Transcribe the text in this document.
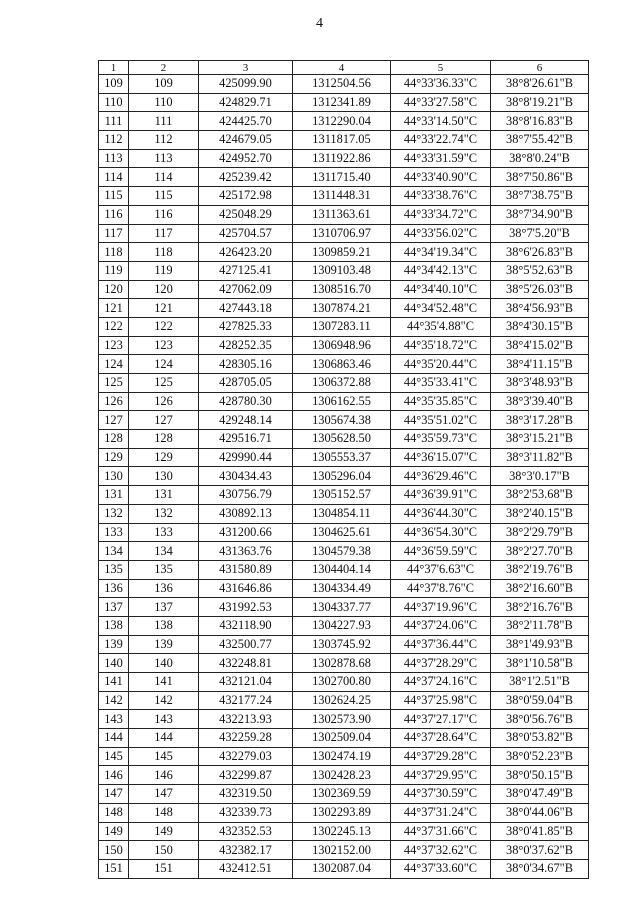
4
1	2	3	4	5	6
109	109	425099.90	1312504.56	44°33'36.33"С	38°8'26.61"В
110	110	424829.71	1312341.89	44°33'27.58"С	38°8'19.21"В
111	111	424425.70	1312290.04	44°33'14.50"С	38°8'16.83"В
112	112	424679.05	1311817.05	44°33'22.74"С	38°7'55.42"В
113	113	424952.70	1311922.86	44°33'31.59"С	38°8'0.24"В
114	114	425239.42	1311715.40	44°33'40.90"С	38°7'50.86"В
115	115	425172.98	1311448.31	44°33'38.76"С	38°7'38.75"В
116	116	425048.29	1311363.61	44°33'34.72"С	38°7'34.90"В
117	117	425704.57	1310706.97	44°33'56.02"С	38°7'5.20"В
118	118	426423.20	1309859.21	44°34'19.34"С	38°6'26.83"В
119	119	427125.41	1309103.48	44°34'42.13"С	38°5'52.63"В
120	120	427062.09	1308516.70	44°34'40.10"С	38°5'26.03"В
121	121	427443.18	1307874.21	44°34'52.48"С	38°4'56.93"В
122	122	427825.33	1307283.11	44°35'4.88"С	38°4'30.15"В
123	123	428252.35	1306948.96	44°35'18.72"С	38°4'15.02"В
124	124	428305.16	1306863.46	44°35'20.44"С	38°4'11.15"В
125	125	428705.05	1306372.88	44°35'33.41"С	38°3'48.93"В
126	126	428780.30	1306162.55	44°35'35.85"С	38°3'39.40"В
127	127	429248.14	1305674.38	44°35'51.02"С	38°3'17.28"В
128	128	429516.71	1305628.50	44°35'59.73"С	38°3'15.21"В
129	129	429990.44	1305553.37	44°36'15.07"С	38°3'11.82"В
130	130	430434.43	1305296.04	44°36'29.46"С	38°3'0.17"В
131	131	430756.79	1305152.57	44°36'39.91"С	38°2'53.68"В
132	132	430892.13	1304854.11	44°36'44.30"С	38°2'40.15"В
133	133	431200.66	1304625.61	44°36'54.30"С	38°2'29.79"В
134	134	431363.76	1304579.38	44°36'59.59"С	38°2'27.70"В
135	135	431580.89	1304404.14	44°37'6.63"С	38°2'19.76"В
136	136	431646.86	1304334.49	44°37'8.76"С	38°2'16.60"В
137	137	431992.53	1304337.77	44°37'19.96"С	38°2'16.76"В
138	138	432118.90	1304227.93	44°37'24.06"С	38°2'11.78"В
139	139	432500.77	1303745.92	44°37'36.44"С	38°1'49.93"В
140	140	432248.81	1302878.68	44°37'28.29"С	38°1'10.58"В
141	141	432121.04	1302700.80	44°37'24.16"С	38°1'2.51"В
142	142	432177.24	1302624.25	44°37'25.98"С	38°0'59.04"В
143	143	432213.93	1302573.90	44°37'27.17"С	38°0'56.76"В
144	144	432259.28	1302509.04	44°37'28.64"С	38°0'53.82"В
145	145	432279.03	1302474.19	44°37'29.28"С	38°0'52.23"В
146	146	432299.87	1302428.23	44°37'29.95"С	38°0'50.15"В
147	147	432319.50	1302369.59	44°37'30.59"С	38°0'47.49"В
148	148	432339.73	1302293.89	44°37'31.24"С	38°0'44.06"В
149	149	432352.53	1302245.13	44°37'31.66"С	38°0'41.85"В
150	150	432382.17	1302152.00	44°37'32.62"С	38°0'37.62"В
151	151	432412.51	1302087.04	44°37'33.60"С	38°0'34.67"В
